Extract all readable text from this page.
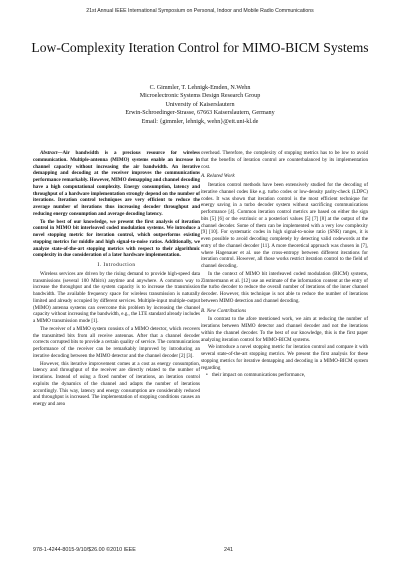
21st Annual IEEE International Symposium on Personal, Indoor and Mobile Radio Communications
Low-Complexity Iteration Control for MIMO-BICM Systems
C. Gimmler, T. Lehnigk-Emden, N.Wehn
Microelectronic Systems Design Research Group
University of Kaiserslautern
Erwin-Schroedinger-Strasse, 67663 Kaiserslautern, Germany
Email: {gimmler, lehnigk, wehn}@eit.uni-kl.de

Abstract—Air bandwidth is a precious resource for wireless communication. Multiple-antenna (MIMO) systems enable an increase in channel capacity without increasing the air bandwidth. An iterative demapping and decoding at the receiver improves the communications performance remarkably. However, MIMO demapping and channel decoding have a high computational complexity. Energy consumption, latency and throughput of a hardware implementation strongly depend on the number of iterations. Iteration control techniques are very efficient to reduce the average number of iterations thus increasing decoder throughput and reducing energy consumption and average decoding latency.

To the best of our knowledge, we present the first analysis of iteration control in MIMO bit interleaved coded modulation systems. We introduce a novel stopping metric for iteration control, which outperforms existing stopping metrics for middle and high signal-to-noise ratios. Additionally, we analyze state-of-the-art stopping metrics with respect to their algorithmic complexity in due consideration of a later hardware implementation.

I. Introduction

Wireless services are driven by the rising demand to provide high-speed data transmissions (several 100 Mbit/s) anytime and anywhere. A common way to increase the throughput and the system capacity is to increase the transmission bandwidth. The available frequency space for wireless transmission is naturally limited and already occupied by different services. Multiple-input multiple-output (MIMO) antenna systems can overcome this problem by increasing the channel capacity without increasing the bandwidth, e.g., the LTE standard already includes a MIMO transmission mode [1].

The receiver of a MIMO system consists of a MIMO detector, which recovers the transmitted bits from all receive antennas. After that a channel decoder corrects corrupted bits to provide a certain quality of service. The communications performance of the receiver can be remarkably improved by introducing an iterative decoding between the MIMO detector and the channel decoder [2] [3].

However, this iterative improvement comes at a cost as energy consumption, latency and throughput of the receiver are directly related to the number of iterations. Instead of using a fixed number of iterations, an iteration control exploits the dynamics of the channel and adapts the number of iterations accordingly. This way, latency and energy consumption are considerably reduced and throughput is increased. The implementation of stopping conditions causes an energy and area

overhead. Therefore, the complexity of stopping metrics has to be low to avoid that the benefits of iteration control are counterbalanced by its implementation cost.

A. Related Work

Iteration control methods have been extensively studied for the decoding of iterative channel codes like e.g. turbo codes or low-density parity-check (LDPC) codes. It was shown that iteration control is the most efficient technique for energy saving in a turbo decoder system without sacrificing communications performance [4]. Common iteration control metrics are based on either the sign bits [5] [6] or the extrinsic or a posteriori values [5] [7] [8] at the output of the channel decoder. Some of them can be implemented with a very low complexity [9] [10]. For systematic codes in high signal-to-noise ratio (SNR) ranges, it is even possible to avoid decoding completely by detecting valid codewords at the entry of the channel decoder [11]. A more theoretical approach was chosen in [7], where Hagenauer et al. use the cross-entropy between different iterations for iteration control. However, all those works restrict iteration control to the field of channel decoding.

In the context of MIMO bit interleaved coded modulation (BICM) systems, Zimmermann et al. [12] use an estimate of the information content at the entry of the turbo decoder to reduce the overall number of iterations of the inner channel decoder. However, this technique is not able to reduce the number of iterations between MIMO detection and channel decoding.

B. New Contributions

In contrast to the afore mentioned work, we aim at reducing the number of iterations between MIMO detector and channel decoder and not the iterations within the channel decoder. To the best of our knowledge, this is the first paper analyzing iteration control for MIMO-BICM systems.

We introduce a novel stopping metric for iteration control and compare it with several state-of-the-art stopping metrics. We present the first analysis for these stopping metrics for iterative demapping and decoding in a MIMO-BICM system regarding

• their impact on communications performance,
978-1-4244-8015-9/10/$26.00 ©2010 IEEE	241
